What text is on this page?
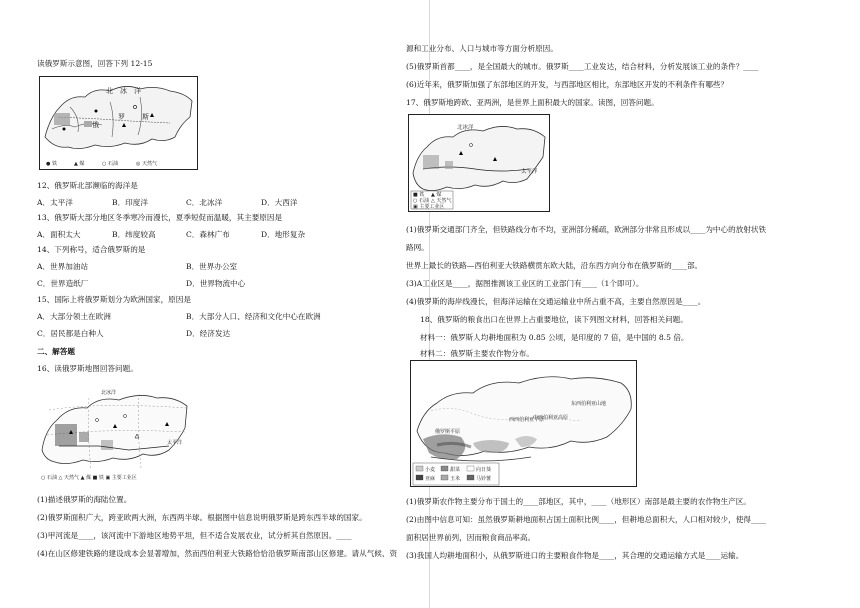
读俄罗斯示意图，回答下列 12-15
北 冰 洋
俄
罗 斯
● 铁	▲ 煤	○ 石油	◎ 天然气
12、俄罗斯北部濒临的海洋是
A．太平洋	B．印度洋	C．北冰洋	D．大西洋
13、俄罗斯大部分地区冬季寒冷而漫长，夏季短促而温暖，其主要原因是
A．面积太大	B．纬度较高	C．森林广布	D．地形复杂
14、下列称号，适合俄罗斯的是
A．世界加油站	B．世界办公室
C．世界造纸厂	D．世界物流中心
15、国际上将俄罗斯划分为欧洲国家，原因是
A．大部分领土在欧洲	B．大部分人口、经济和文化中心在欧洲
C．居民都是白种人	D．经济发达
二、解答题
16、读俄罗斯地图回答问题。
北冰洋
太平洋
○ 石油 △ 天然气 ▲ 煤 ■ 铁 ▣ 主要工业区
(1)描述俄罗斯的海陆位置。
(2)俄罗斯面积广大，跨亚欧两大洲，东西两半球。根据图中信息说明俄罗斯是跨东西半球的国家。
(3)甲河流是____，该河流中下游地区地势平坦，但不适合发展农业，试分析其自然原因。____
(4)在山区修建铁路的建设成本会显著增加，然而西伯利亚大铁路恰恰沿俄罗斯南部山区修建。请从气候、资
源和工业分布、人口与城市等方面分析原因。
(5)俄罗斯首都____，是全国最大的城市。俄罗斯____工业发达，结合材料，分析发展该工业的条件？____
(6)近年来，俄罗斯加强了东部地区的开发，与西部地区相比，东部地区开发的不利条件有哪些？
17、俄罗斯地跨欧、亚两洲，是世界上面积最大的国家。读图，回答问题。
北冰洋
太平洋
■ 铁 ▲ 煤
○ 石油 △ 天然气
▣ 主要工业区
(1)俄罗斯交通部门齐全，但铁路线分布不均，亚洲部分稀疏，欧洲部分非常且形成以____为中心的放射状铁
路网。
世界上最长的铁路—西伯利亚大铁路横贯东欧大陆，沿东西方向分布在俄罗斯的____部。
(3)A工业区是____，据图推测该工业区的工业部门有____（1个即可）。
(4)俄罗斯的海岸线漫长，但海洋运输在交通运输业中所占重不高，主要自然原因是____。
18、俄罗斯的粮食出口在世界上占重要地位，读下列图文材料，回答相关问题。
材料一：俄罗斯人均耕地面积为 0.85 公顷，是印度的 7 倍，是中国的 8.5 倍。
材料二：俄罗斯主要农作物分布。
西西伯利亚平原
中西伯利亚高原
东西伯利亚山地
俄罗斯平原
小麦	甜菜	向日葵
亚麻	玉米	马铃薯
(1)俄罗斯农作物主要分布于国土的____部地区，其中，____（地形区）南部是最主要的农作物生产区。
(2)由图中信息可知：虽然俄罗斯耕地面积占国土面积比例____，但耕地总面积大，人口相对较少，使得____
面积居世界前列，因而粮食商品率高。
(3)我国人均耕地面积小，从俄罗斯进口的主要粮食作物是____，其合理的交通运输方式是____运输。
